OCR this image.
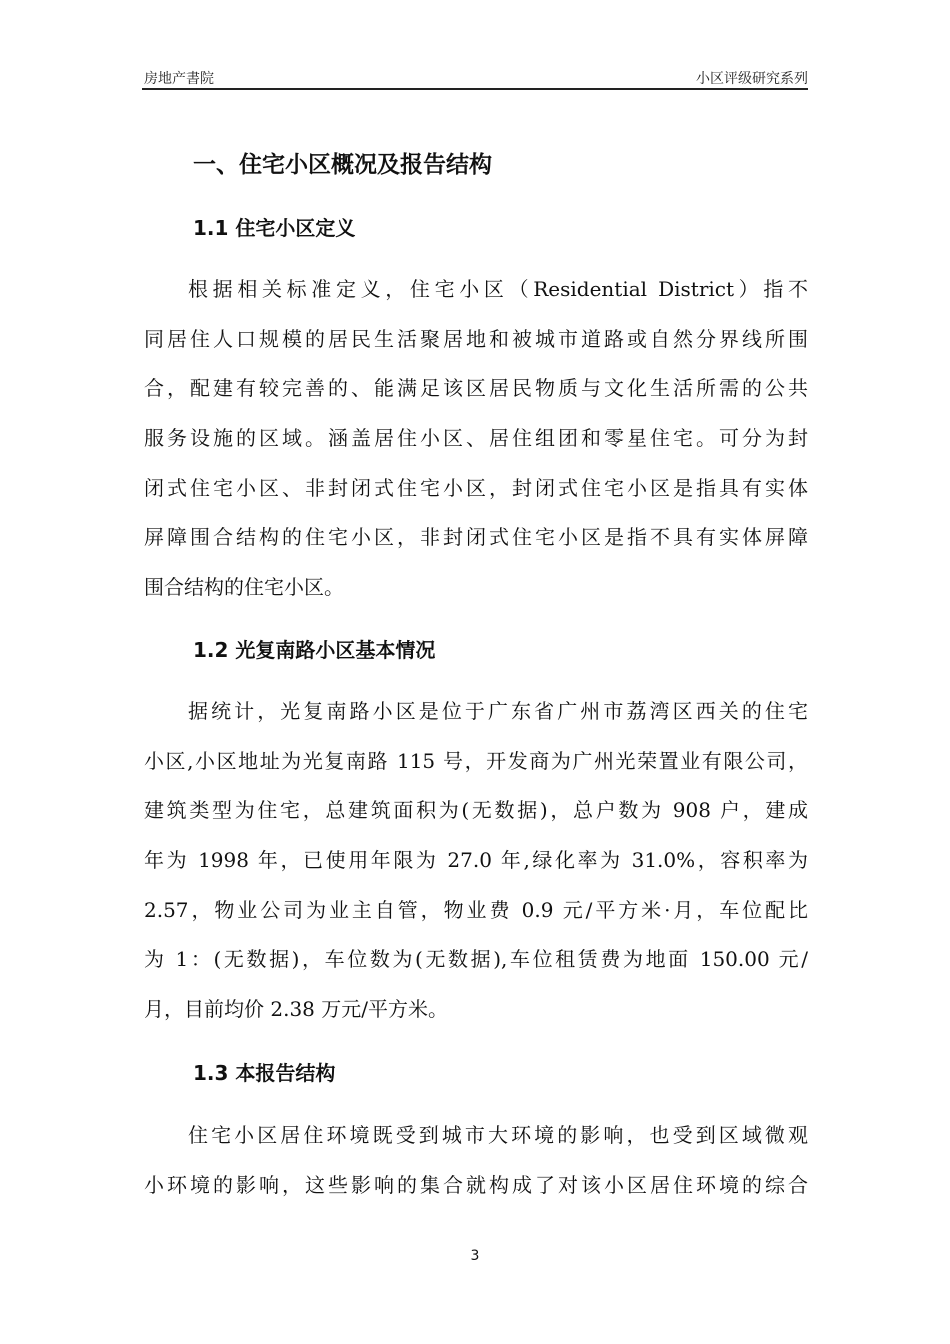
房地产書院	小区评级研究系列
一、住宅小区概况及报告结构
1.1 住宅小区定义
根据相关标准定义，住宅小区（Residential District）指不
同居住人口规模的居民生活聚居地和被城市道路或自然分界线所围
合，配建有较完善的、能满足该区居民物质与文化生活所需的公共
服务设施的区域。涵盖居住小区、居住组团和零星住宅。可分为封
闭式住宅小区、非封闭式住宅小区，封闭式住宅小区是指具有实体
屏障围合结构的住宅小区，非封闭式住宅小区是指不具有实体屏障
围合结构的住宅小区。
1.2 光复南路小区基本情况
据统计，光复南路小区是位于广东省广州市荔湾区西关的住宅
小区,小区地址为光复南路 115 号，开发商为广州光荣置业有限公司，
建筑类型为住宅，总建筑面积为(无数据)，总户数为 908 户，建成
年为 1998 年，已使用年限为 27.0 年,绿化率为 31.0%，容积率为
2.57，物业公司为业主自管，物业费 0.9 元/平方米·月，车位配比
为 1：(无数据)，车位数为(无数据),车位租赁费为地面 150.00 元/
月，目前均价 2.38 万元/平方米。
1.3 本报告结构
住宅小区居住环境既受到城市大环境的影响，也受到区域微观
小环境的影响，这些影响的集合就构成了对该小区居住环境的综合
3
